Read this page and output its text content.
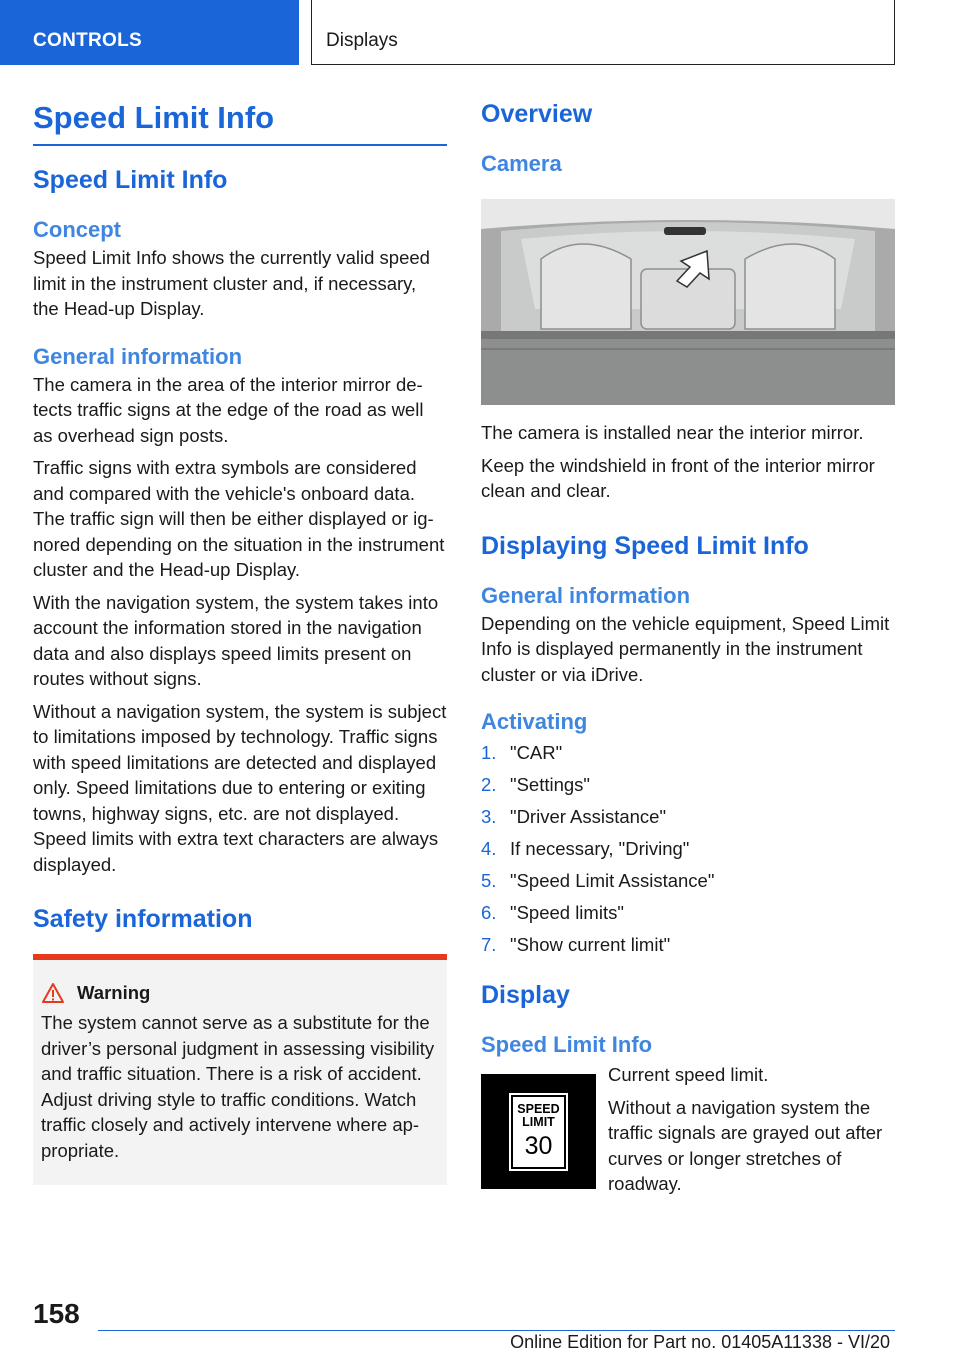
CONTROLS	Displays
Speed Limit Info
Speed Limit Info
Concept

Speed Limit Info shows the currently valid speed limit in the instrument cluster and, if necessary, the Head-up Display.

General information

The camera in the area of the interior mirror detects traffic signs at the edge of the road as well as overhead sign posts.

Traffic signs with extra symbols are considered and compared with the vehicle's onboard data. The traffic sign will then be either displayed or ignored depending on the situation in the instrument cluster and the Head-up Display.

With the navigation system, the system takes into account the information stored in the navigation data and also displays speed limits present on routes without signs.

Without a navigation system, the system is subject to limitations imposed by technology. Traffic signs with speed limitations are detected and displayed only. Speed limitations due to entering or exiting towns, highway signs, etc. are not displayed. Speed limits with extra text characters are always displayed.

Safety information
Warning

The system cannot serve as a substitute for the driver’s personal judgment in assessing visibility and traffic situation. There is a risk of accident. Adjust driving style to traffic conditions. Watch traffic closely and actively intervene where appropriate.

Overview
Camera

The camera is installed near the interior mirror.

Keep the windshield in front of the interior mirror clean and clear.

Displaying Speed Limit Info
General information

Depending on the vehicle equipment, Speed Limit Info is displayed permanently in the instrument cluster or via iDrive.

Activating
1. "CAR"
2. "Settings"
3. "Driver Assistance"
4. If necessary, "Driving"
5. "Speed Limit Assistance"
6. "Speed limits"
7. "Show current limit"
Display
Speed Limit Info
SPEED
LIMIT
30

Current speed limit.

Without a navigation system the traffic signals are grayed out after curves or longer stretches of roadway.

158
Online Edition for Part no. 01405A11338 - VI/20
